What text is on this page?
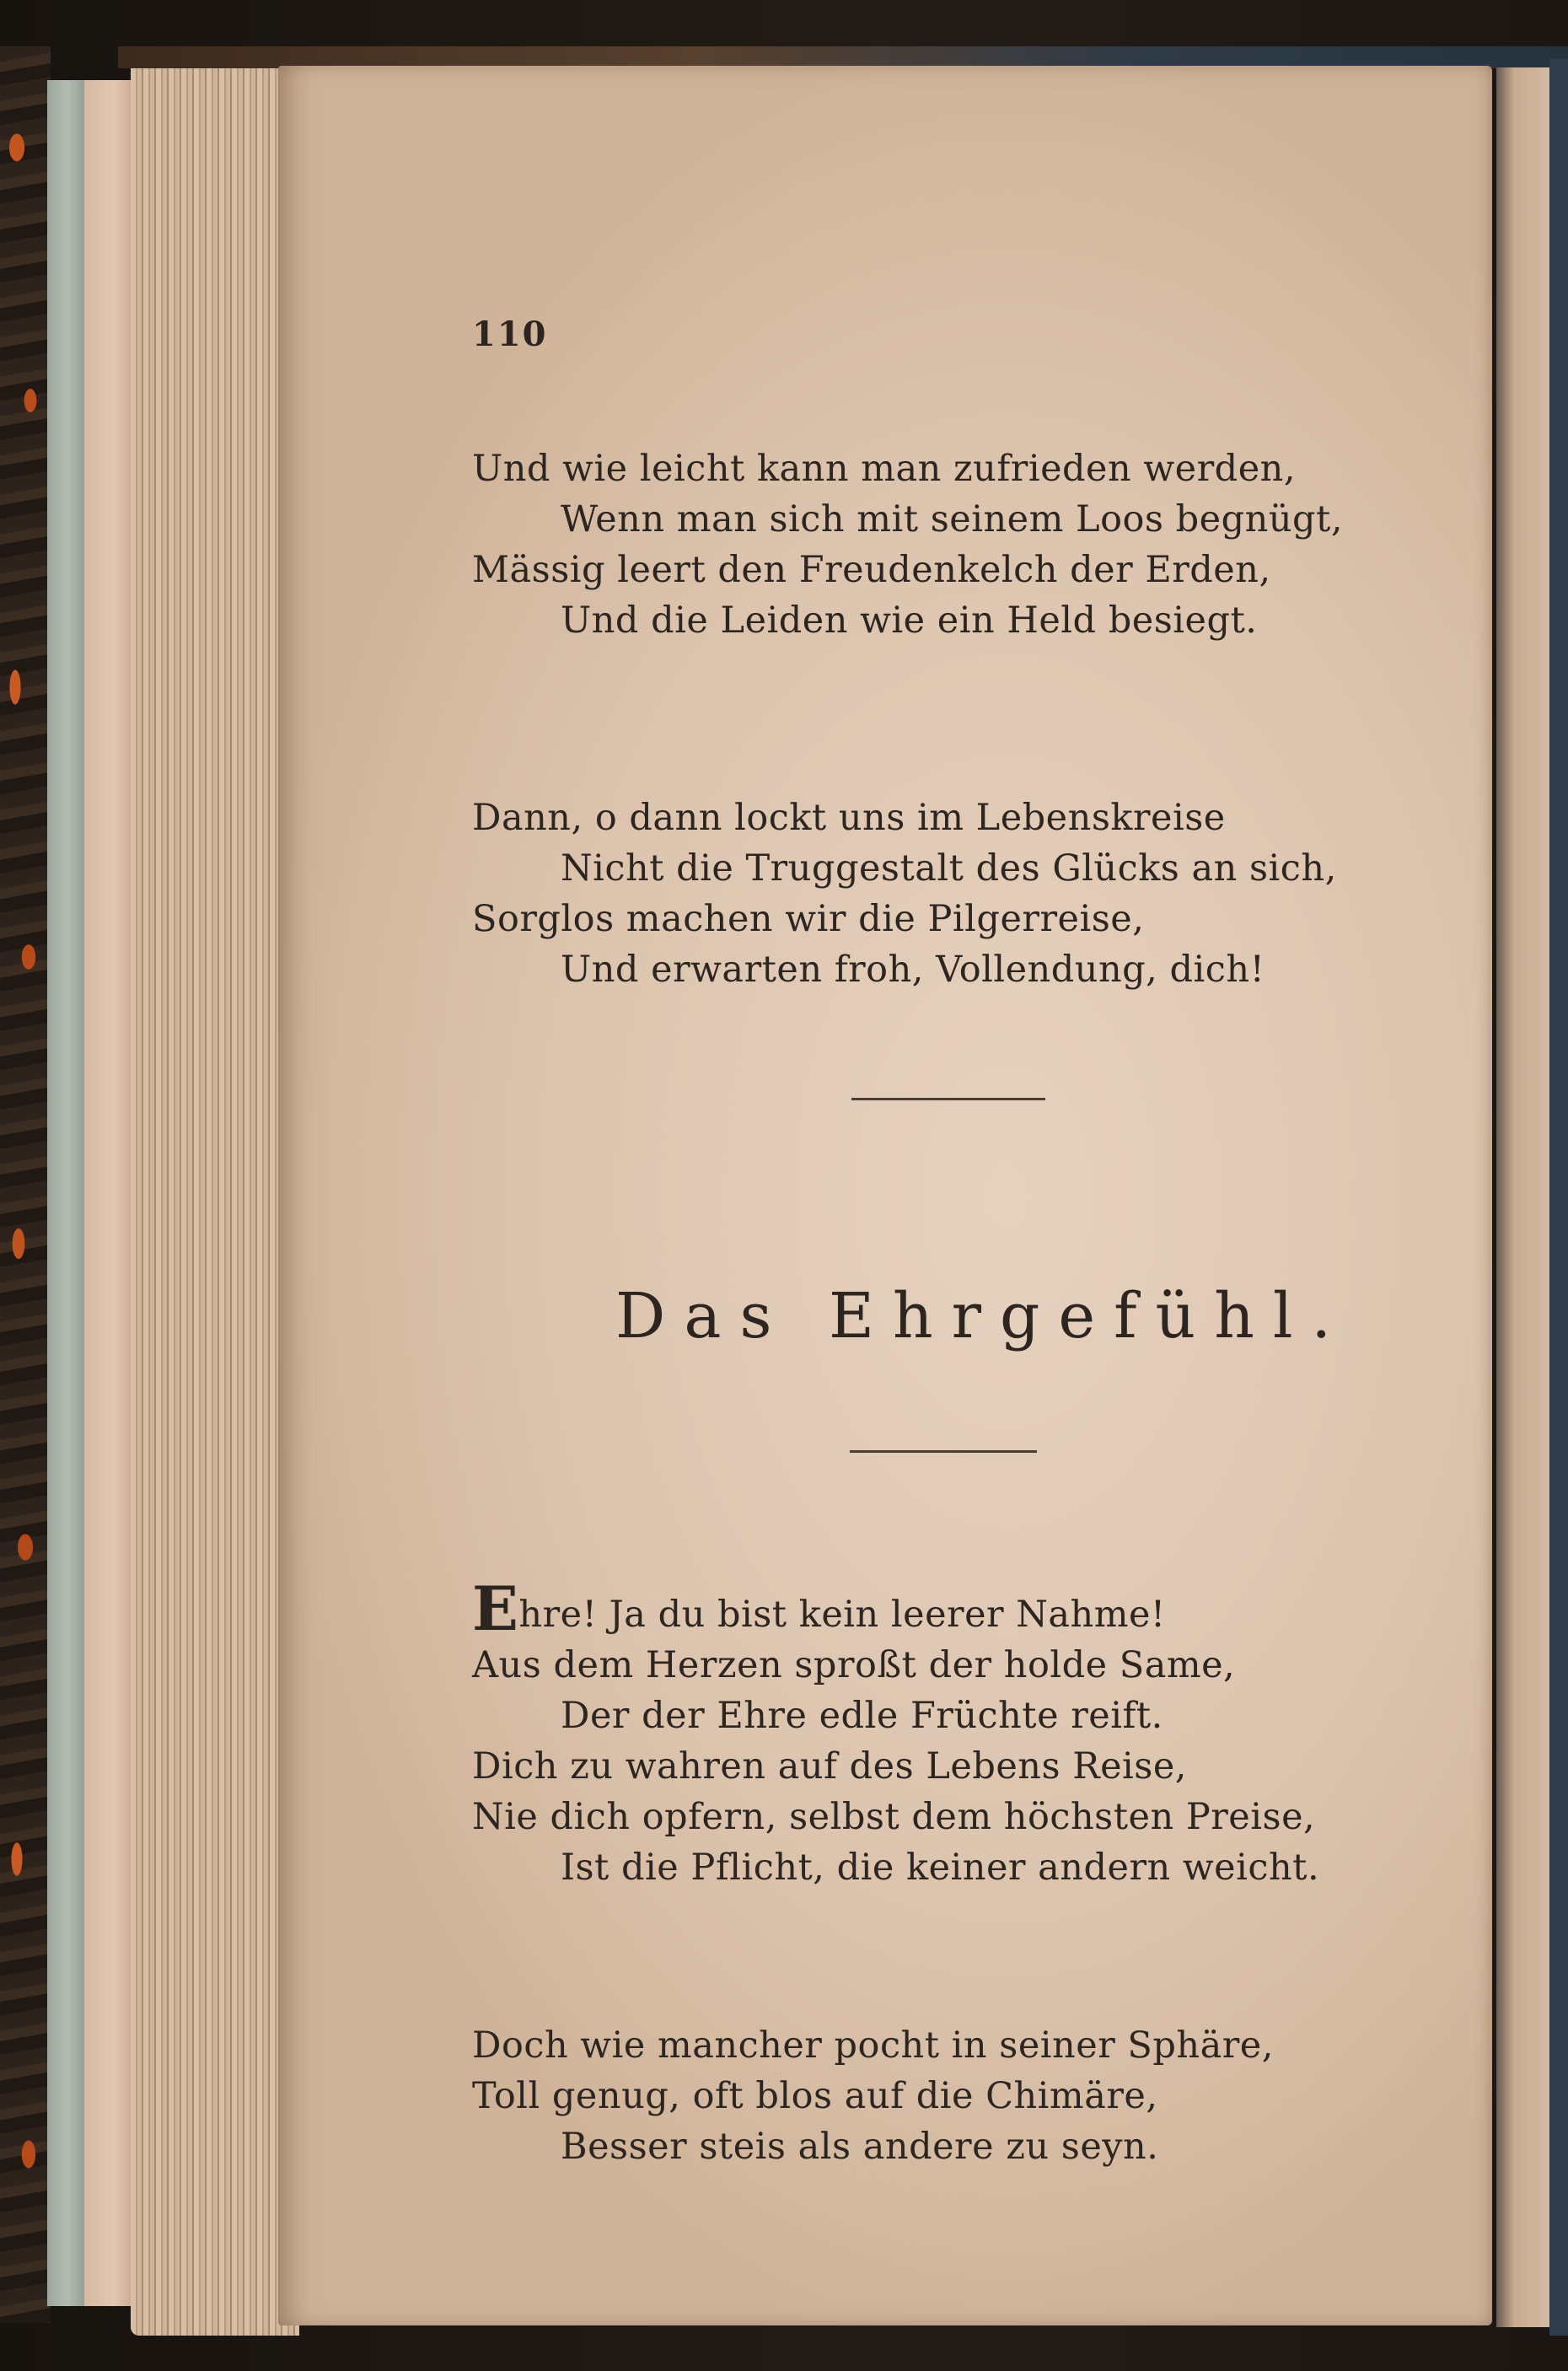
110
Und wie leicht kann man zufrieden werden,
Wenn man sich mit seinem Loos begnügt,
Mässig leert den Freudenkelch der Erden,
Und die Leiden wie ein Held besiegt.
Dann, o dann lockt uns im Lebenskreise
Nicht die Truggestalt des Glücks an sich,
Sorglos machen wir die Pilgerreise,
Und erwarten froh, Vollendung, dich!
Das Ehrgefühl.
Ehre! Ja du bist kein leerer Nahme!
Aus dem Herzen sproßt der holde Same,
Der der Ehre edle Früchte reift.
Dich zu wahren auf des Lebens Reise,
Nie dich opfern, selbst dem höchsten Preise,
Ist die Pflicht, die keiner andern weicht.
Doch wie mancher pocht in seiner Sphäre,
Toll genug, oft blos auf die Chimäre,
Besser steis als andere zu seyn.
